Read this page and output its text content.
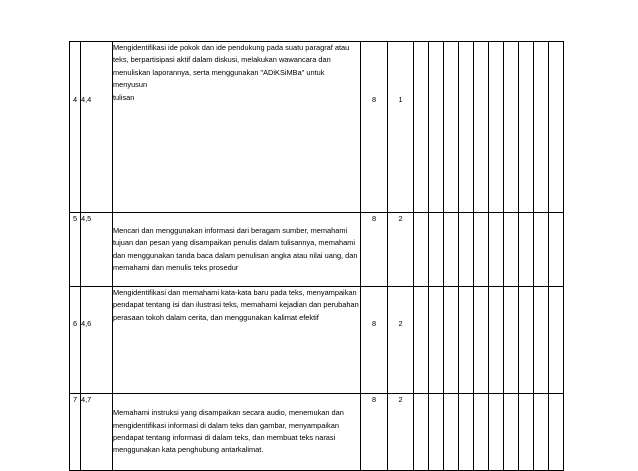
4	4,4	Mengidentifikasi ide pokok dan ide pendukung pada suatu paragraf atau

teks, berpartisipasi aktif dalam diskusi, melakukan wawancara dan

menuliskan laporannya, serta menggunakan "ADiKSiMBa" untuk menyusun

tulisan	8	1										
5	4,5	Mencari dan menggunakan informasi dari beragam sumber, memahami

tujuan dan pesan yang disampaikan penulis dalam tulisannya, memahami

dan menggunakan tanda baca dalam penulisan angka atau nilai uang, dan

memahami dan menulis teks prosedur	8	2										
6	4,6	Mengidentifikasi dan memahami kata-kata baru pada teks, menyampaikan

pendapat tentang isi dan ilustrasi teks, memahami kejadian dan perubahan

perasaan tokoh dalam cerita, dan menggunakan kalimat efektif	8	2										
7	4,7	Memahami instruksi yang disampaikan secara audio, menemukan dan

mengidentifikasi informasi di dalam teks dan gambar, menyampaikan

pendapat tentang informasi di dalam teks, dan membuat teks narasi

menggunakan kata penghubung antarkalimat.	8	2										
